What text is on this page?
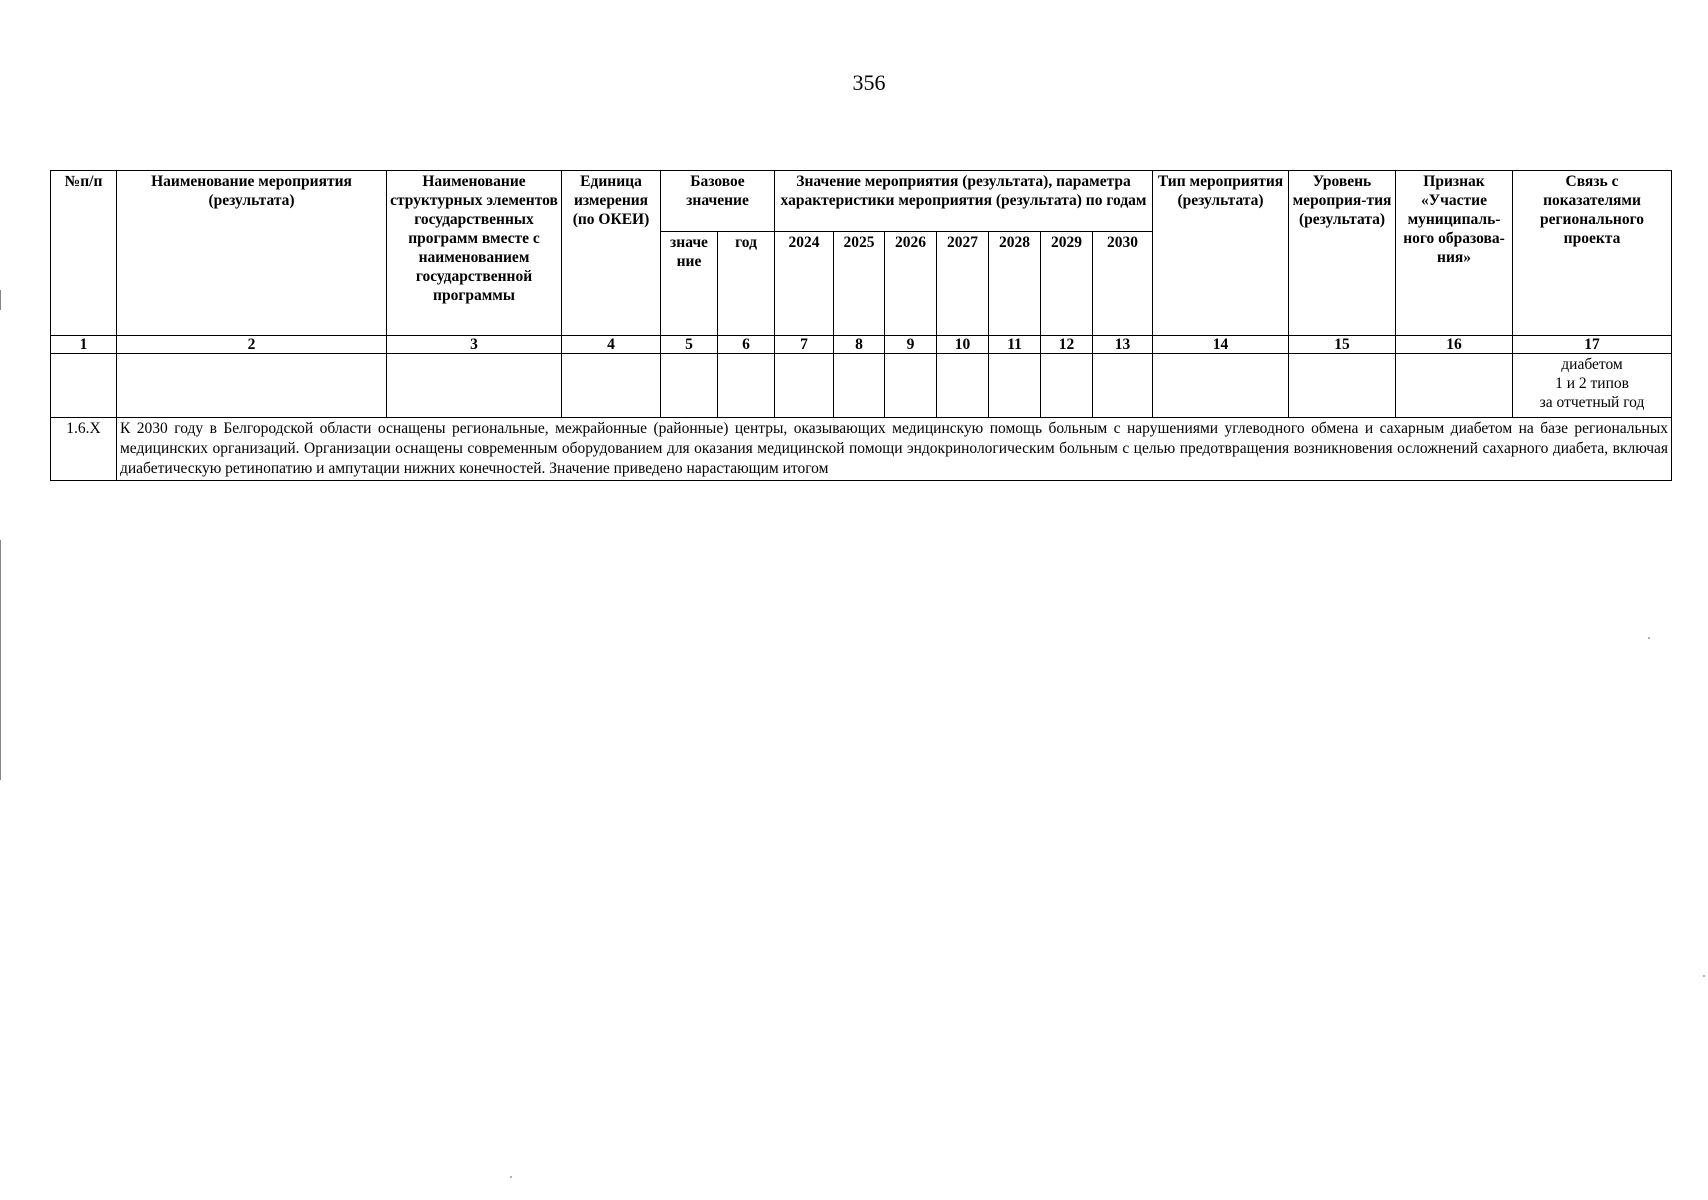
356
№п/п	Наименование мероприятия (результата)	Наименование структурных элементов государственных программ вместе с наименованием государственной программы	Единица измерения (по ОКЕИ)	Базовое значение		Значение мероприятия (результата), параметра характеристики мероприятия (результата) по годам							Тип мероприятия (результата)	Уровень мероприя-тия (результата)	Признак «Участие муниципаль-ного образова-ния»	Связь с показателями регионального проекта
				значе ние	год	2024	2025	2026	2027	2028	2029	2030				
1	2	3	4	5	6	7	8	9	10	11	12	13	14	15	16	17

																диабетом
1 и 2 типов
за отчетный год

1.6.X	К 2030 году в Белгородской области оснащены региональные, межрайонные (районные) центры, оказывающих медицинскую помощь больным с нарушениями углеводного обмена и сахарным диабетом на базе региональных медицинских организаций. Организации оснащены современным оборудованием для оказания медицинской помощи эндокринологическим больным с целью предотвращения возникновения осложнений сахарного диабета, включая диабетическую ретинопатию и ампутации нижних конечностей. Значение приведено нарастающим итогом															
